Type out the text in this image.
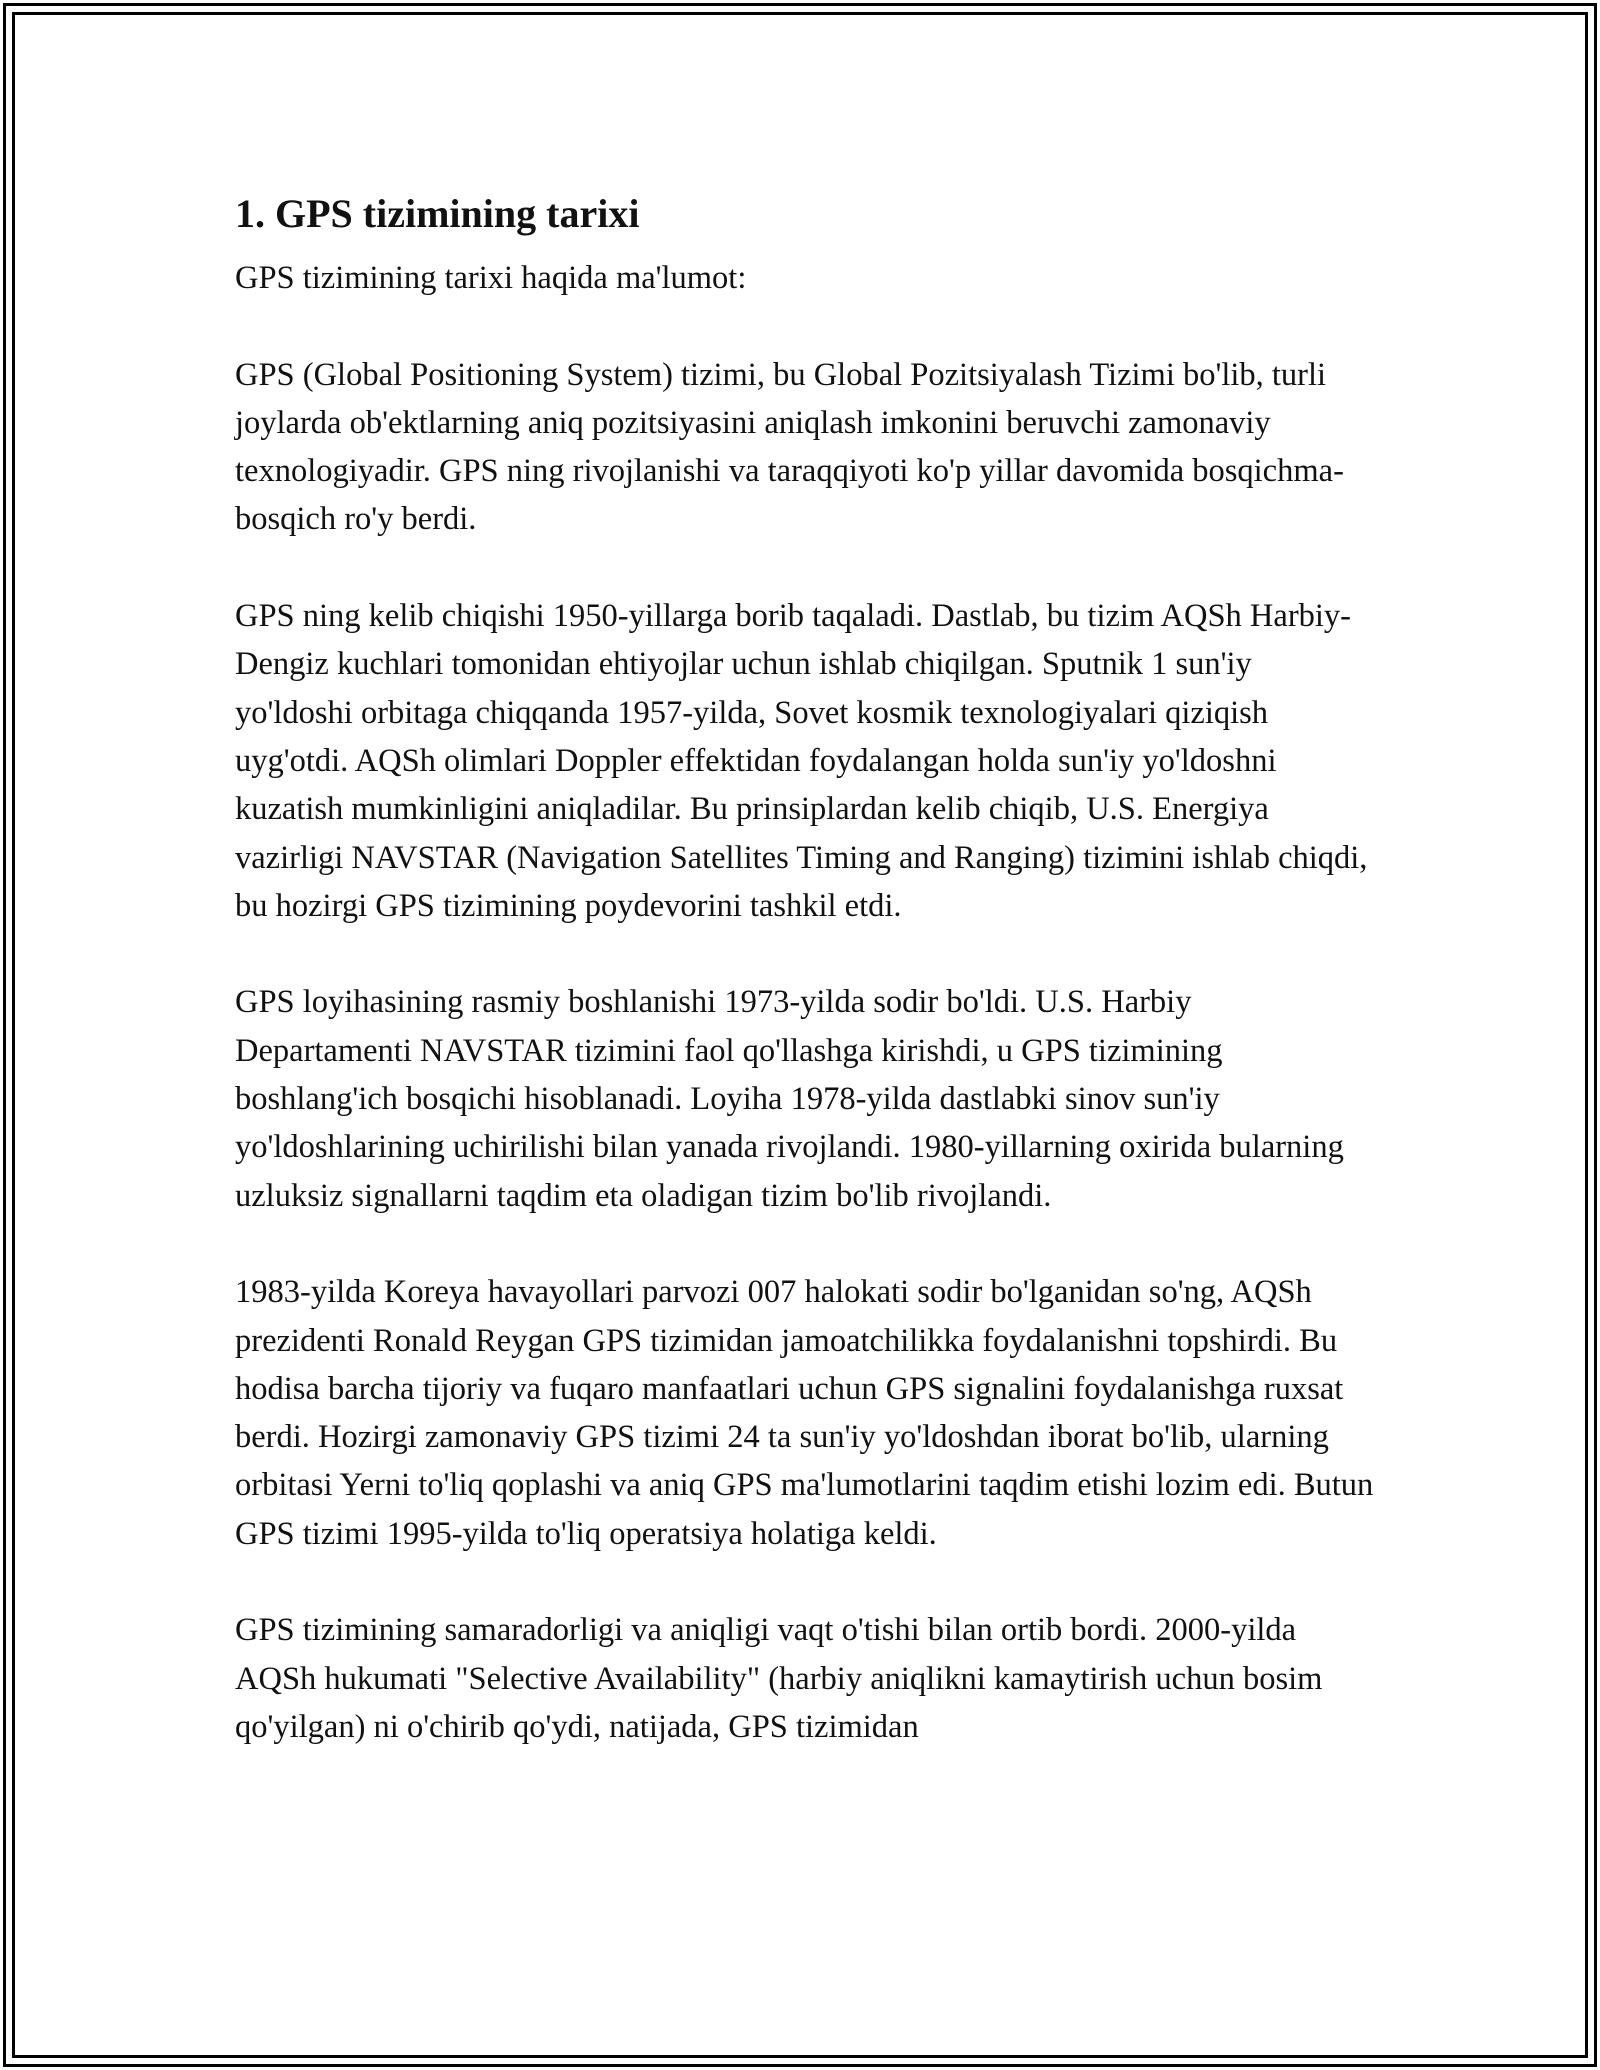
1. GPS tizimining tarixi

GPS tizimining tarixi haqida ma'lumot:

GPS (Global Positioning System) tizimi, bu Global Pozitsiyalash Tizimi bo'lib, turli joylarda ob'ektlarning aniq pozitsiyasini aniqlash imkonini beruvchi zamonaviy texnologiyadir. GPS ning rivojlanishi va taraqqiyoti ko'p yillar davomida bosqichma-bosqich ro'y berdi.

GPS ning kelib chiqishi 1950-yillarga borib taqaladi. Dastlab, bu tizim AQSh Harbiy-Dengiz kuchlari tomonidan ehtiyojlar uchun ishlab chiqilgan. Sputnik 1 sun'iy yo'ldoshi orbitaga chiqqanda 1957-yilda, Sovet kosmik texnologiyalari qiziqish uyg'otdi. AQSh olimlari Doppler effektidan foydalangan holda sun'iy yo'ldoshni kuzatish mumkinligini aniqladilar. Bu prinsiplardan kelib chiqib, U.S. Energiya vazirligi NAVSTAR (Navigation Satellites Timing and Ranging) tizimini ishlab chiqdi, bu hozirgi GPS tizimining poydevorini tashkil etdi.

GPS loyihasining rasmiy boshlanishi 1973-yilda sodir bo'ldi. U.S. Harbiy Departamenti NAVSTAR tizimini faol qo'llashga kirishdi, u GPS tizimining boshlang'ich bosqichi hisoblanadi. Loyiha 1978-yilda dastlabki sinov sun'iy yo'ldoshlarining uchirilishi bilan yanada rivojlandi. 1980-yillarning oxirida bularning uzluksiz signallarni taqdim eta oladigan tizim bo'lib rivojlandi.

1983-yilda Koreya havayollari parvozi 007 halokati sodir bo'lganidan so'ng, AQSh prezidenti Ronald Reygan GPS tizimidan jamoatchilikka foydalanishni topshirdi. Bu hodisa barcha tijoriy va fuqaro manfaatlari uchun GPS signalini foydalanishga ruxsat berdi. Hozirgi zamonaviy GPS tizimi 24 ta sun'iy yo'ldoshdan iborat bo'lib, ularning orbitasi Yerni to'liq qoplashi va aniq GPS ma'lumotlarini taqdim etishi lozim edi. Butun GPS tizimi 1995-yilda to'liq operatsiya holatiga keldi.

GPS tizimining samaradorligi va aniqligi vaqt o'tishi bilan ortib bordi. 2000-yilda AQSh hukumati "Selective Availability" (harbiy aniqlikni kamaytirish uchun bosim qo'yilgan) ni o'chirib qo'ydi, natijada, GPS tizimidan
